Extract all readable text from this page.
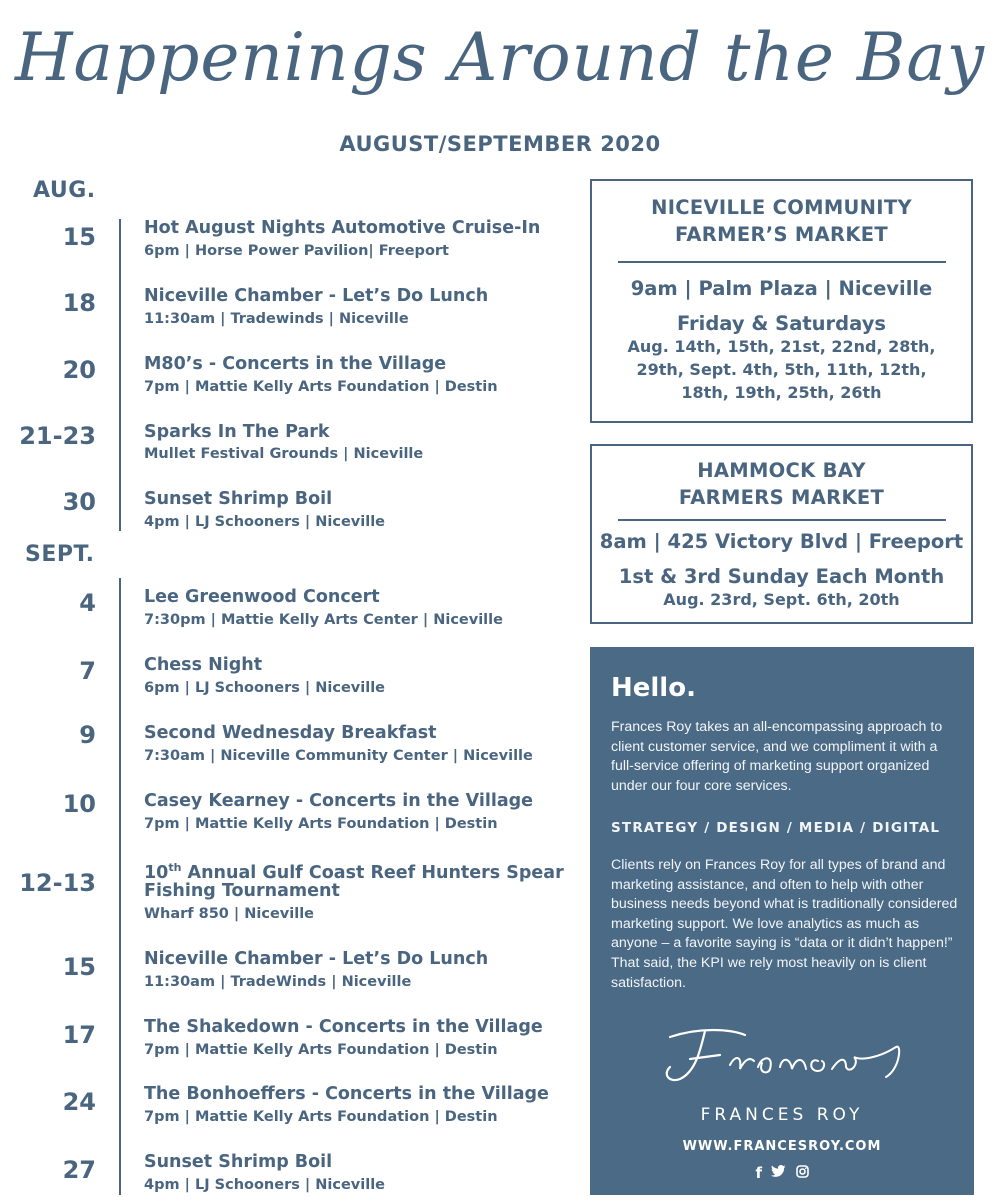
Happenings Around the Bay
AUGUST/SEPTEMBER 2020
AUG.
15	Hot August Nights Automotive Cruise-In
6pm | Horse Power Pavilion| Freeport
18	Niceville Chamber - Let’s Do Lunch
11:30am | Tradewinds | Niceville
20	M80’s - Concerts in the Village
7pm | Mattie Kelly Arts Foundation | Destin
21-23	Sparks In The Park
Mullet Festival Grounds | Niceville
30	Sunset Shrimp Boil
4pm | LJ Schooners | Niceville
SEPT.
4	Lee Greenwood Concert
7:30pm | Mattie Kelly Arts Center | Niceville
7	Chess Night
6pm | LJ Schooners | Niceville
9	Second Wednesday Breakfast
7:30am | Niceville Community Center | Niceville
10	Casey Kearney - Concerts in the Village
7pm | Mattie Kelly Arts Foundation | Destin
12-13	10th Annual Gulf Coast Reef Hunters Spear
Fishing Tournament
Wharf 850 | Niceville
15	Niceville Chamber - Let’s Do Lunch
11:30am | TradeWinds | Niceville
17	The Shakedown - Concerts in the Village
7pm | Mattie Kelly Arts Foundation | Destin
24	The Bonhoeffers - Concerts in the Village
7pm | Mattie Kelly Arts Foundation | Destin
27	Sunset Shrimp Boil
4pm | LJ Schooners | Niceville
NICEVILLE COMMUNITY
FARMER’S MARKET
9am | Palm Plaza | Niceville
Friday & Saturdays
Aug. 14th, 15th, 21st, 22nd, 28th,
29th, Sept. 4th, 5th, 11th, 12th,
18th, 19th, 25th, 26th
HAMMOCK BAY
FARMERS MARKET
8am | 425 Victory Blvd | Freeport
1st & 3rd Sunday Each Month
Aug. 23rd, Sept. 6th, 20th
Hello.
Frances Roy takes an all-encompassing approach to client customer service, and we compliment it with a full-service offering of marketing support organized under our four core services.
STRATEGY / DESIGN / MEDIA / DIGITAL
Clients rely on Frances Roy for all types of brand and marketing assistance, and often to help with other business needs beyond what is traditionally considered marketing support. We love analytics as much as anyone – a favorite saying is “data or it didn’t happen!” That said, the KPI we rely most heavily on is client satisfaction.
FRANCES ROY
WWW.FRANCESROY.COM
f
